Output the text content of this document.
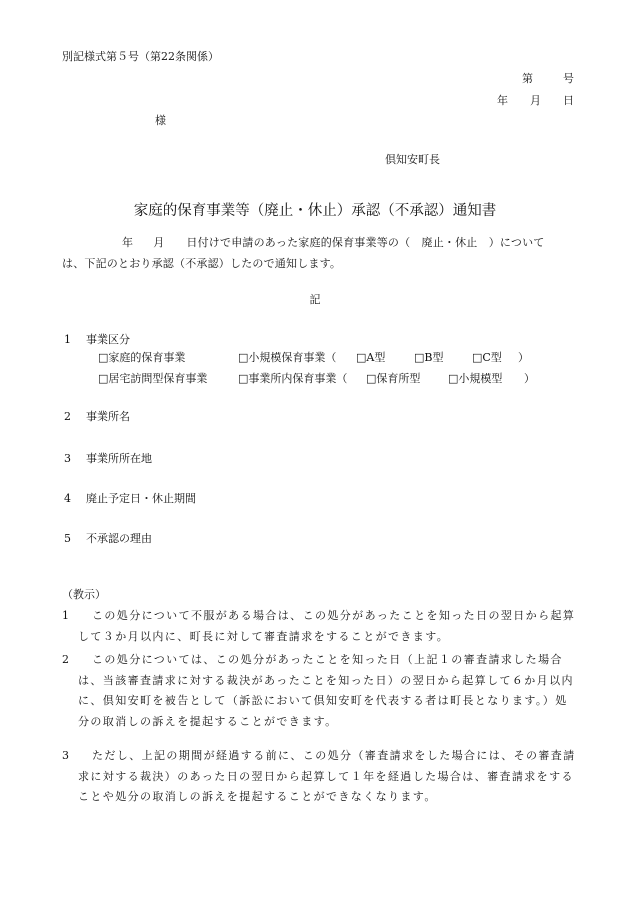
別記様式第５号（第22条関係）
第	号
年 月 日
様
倶知安町長
家庭的保育事業等（廃止・休止）承認（不承認）通知書
年 月 日付けで申請のあった家庭的保育事業等の（　廃止・休止　）について
は、下記のとおり承認（不承認）したので通知します。
記
1 事業区分
□家庭的保育事業	□小規模保育事業（ □A型	□B型	□C型 ）
□居宅訪問型保育事業	□事業所内保育事業（ □保育所型	□小規模型 ）
2 事業所名
3 事業所所在地
4 廃止予定日・休止期間
5 不承認の理由
（教示）
1	この処分について不服がある場合は、この処分があったことを知った日の翌日から起算して３か月以内に、町長に対して審査請求をすることができます。
2	この処分については、この処分があったことを知った日（上記１の審査請求した場合は、当該審査請求に対する裁決があったことを知った日）の翌日から起算して６か月以内に、倶知安町を被告として（訴訟において倶知安町を代表する者は町長となります。）処分の取消しの訴えを提起することができます。
3	ただし、上記の期間が経過する前に、この処分（審査請求をした場合には、その審査請求に対する裁決）のあった日の翌日から起算して１年を経過した場合は、審査請求をすることや処分の取消しの訴えを提起することができなくなります。
